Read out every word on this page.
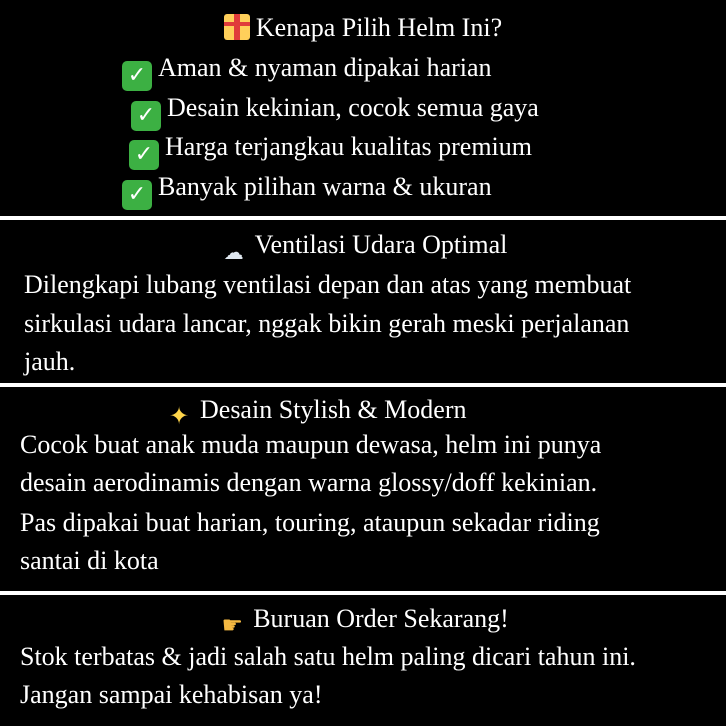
Kenapa Pilih Helm Ini?
✓ Aman & nyaman dipakai harian
✓ Desain kekinian, cocok semua gaya
✓ Harga terjangkau kualitas premium
✓ Banyak pilihan warna & ukuran
☁ Ventilasi Udara Optimal
Dilengkapi lubang ventilasi depan dan atas yang membuat
sirkulasi udara lancar, nggak bikin gerah meski perjalanan
jauh.
✦ Desain Stylish & Modern
Cocok buat anak muda maupun dewasa, helm ini punya
desain aerodinamis dengan warna glossy/doff kekinian.
Pas dipakai buat harian, touring, ataupun sekadar riding
santai di kota
☛ Buruan Order Sekarang!
Stok terbatas & jadi salah satu helm paling dicari tahun ini.
Jangan sampai kehabisan ya!
